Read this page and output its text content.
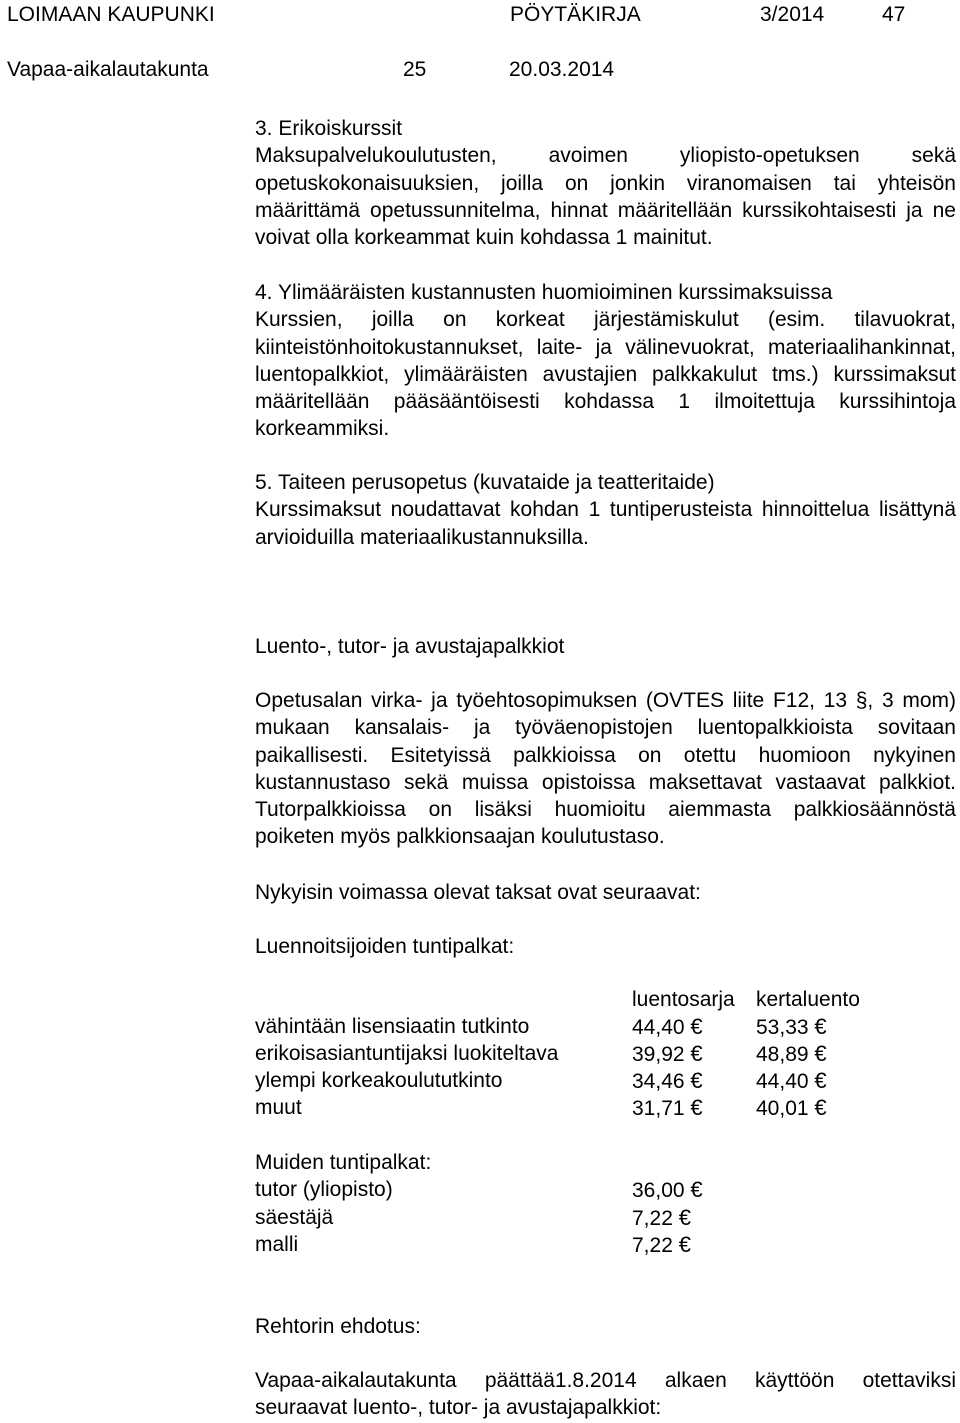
LOIMAAN KAUPUNKI	PÖYTÄKIRJA	3/2014	47
Vapaa-aikalautakunta	25	20.03.2014
3. Erikoiskurssit
Maksupalvelukoulutusten, avoimen yliopisto-opetuksen sekä opetuskokonaisuuksien, joilla on jonkin viranomaisen tai yhteisön määrittämä opetussunnitelma, hinnat määritellään kurssikohtaisesti ja ne voivat olla korkeammat kuin kohdassa 1 mainitut.
4. Ylimääräisten kustannusten huomioiminen kurssimaksuissa
Kurssien, joilla on korkeat järjestämiskulut (esim. tilavuokrat, kiinteistönhoitokustannukset, laite- ja välinevuokrat, materiaalihankinnat, luentopalkkiot, ylimääräisten avustajien palkkakulut tms.) kurssimaksut määritellään pääsääntöisesti kohdassa 1 ilmoitettuja kurssihintoja korkeammiksi.
5. Taiteen perusopetus (kuvataide ja teatteritaide)
Kurssimaksut noudattavat kohdan 1 tuntiperusteista hinnoittelua lisättynä arvioiduilla materiaalikustannuksilla.
Luento-, tutor- ja avustajapalkkiot
Opetusalan virka- ja työehtosopimuksen (OVTES liite F12, 13 §, 3 mom) mukaan kansalais- ja työväenopistojen luentopalkkioista sovitaan paikallisesti. Esitetyissä palkkioissa on otettu huomioon nykyinen kustannustaso sekä muissa opistoissa maksettavat vastaavat palkkiot. Tutorpalkkioissa on lisäksi huomioitu aiemmasta palkkiosäännöstä poiketen myös palkkionsaajan koulutustaso.
Nykyisin voimassa olevat taksat ovat seuraavat:
Luennoitsijoiden tuntipalkat:
luentosarja kertaluento
vähintään lisensiaatin tutkinto	44,40 €	53,33 €
erikoisasiantuntijaksi luokiteltava	39,92 €	48,89 €
ylempi korkeakoulututkinto	34,46 €	44,40 €
muut	31,71 €	40,01 €
Muiden tuntipalkat:
tutor (yliopisto)	36,00 €
säestäjä	7,22 €
malli	7,22 €
Rehtorin ehdotus:
Vapaa-aikalautakunta päättää1.8.2014 alkaen käyttöön otettaviksi seuraavat luento-, tutor- ja avustajapalkkiot:
